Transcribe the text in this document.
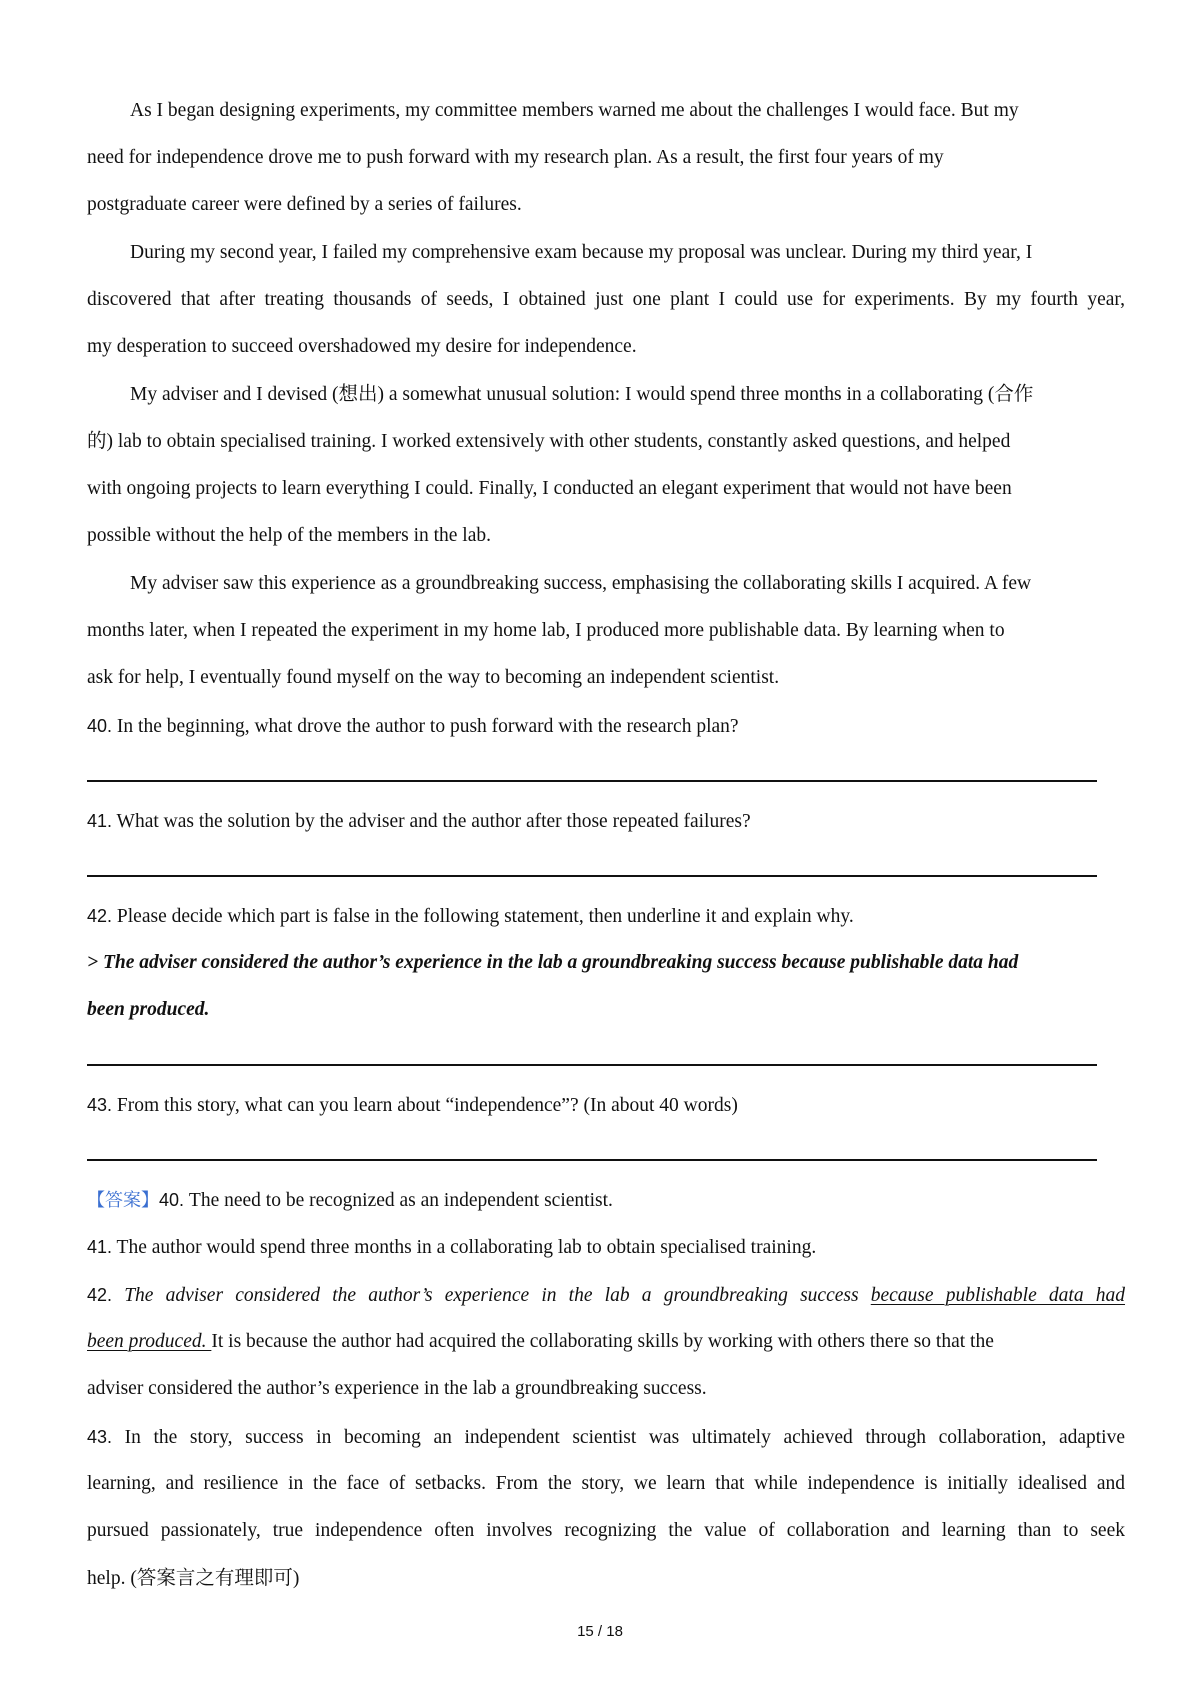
As I began designing experiments, my committee members warned me about the challenges I would face. But my
need for independence drove me to push forward with my research plan. As a result, the first four years of my
postgraduate career were defined by a series of failures.
During my second year, I failed my comprehensive exam because my proposal was unclear. During my third year, I
discovered that after treating thousands of seeds, I obtained just one plant I could use for experiments. By my fourth year,
my desperation to succeed overshadowed my desire for independence.
My adviser and I devised (想出) a somewhat unusual solution: I would spend three months in a collaborating (合作
的) lab to obtain specialised training. I worked extensively with other students, constantly asked questions, and helped
with ongoing projects to learn everything I could. Finally, I conducted an elegant experiment that would not have been
possible without the help of the members in the lab.
My adviser saw this experience as a groundbreaking success, emphasising the collaborating skills I acquired. A few
months later, when I repeated the experiment in my home lab, I produced more publishable data. By learning when to
ask for help, I eventually found myself on the way to becoming an independent scientist.
40. In the beginning, what drove the author to push forward with the research plan?
41. What was the solution by the adviser and the author after those repeated failures?
42. Please decide which part is false in the following statement, then underline it and explain why.
> The adviser considered the author’s experience in the lab a groundbreaking success because publishable data had
been produced.
43. From this story, what can you learn about “independence”? (In about 40 words)
【答案】40. The need to be recognized as an independent scientist.
41. The author would spend three months in a collaborating lab to obtain specialised training.
42. The adviser considered the author’s experience in the lab a groundbreaking success because publishable data had
been produced. It is because the author had acquired the collaborating skills by working with others there so that the
adviser considered the author’s experience in the lab a groundbreaking success.
43. In the story, success in becoming an independent scientist was ultimately achieved through collaboration, adaptive
learning, and resilience in the face of setbacks. From the story, we learn that while independence is initially idealised and
pursued passionately, true independence often involves recognizing the value of collaboration and learning than to seek
help. (答案言之有理即可)
15 / 18
